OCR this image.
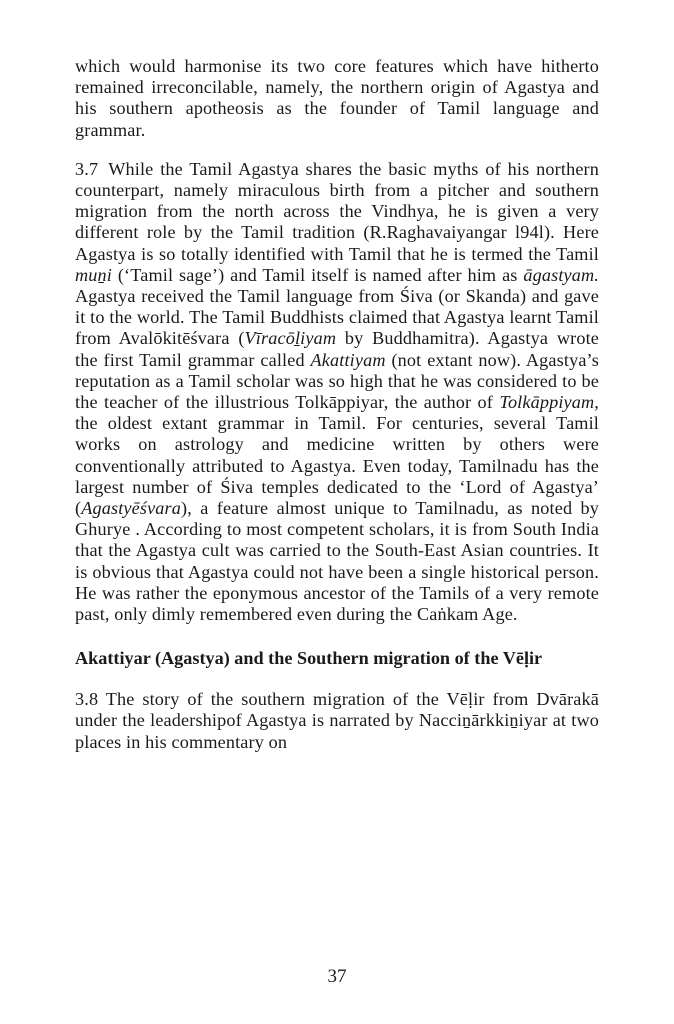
which would harmonise its two core features which have hitherto remained irreconcilable, namely, the northern origin of Agastya and his southern apotheosis as the founder of Tamil language and grammar.

3.7 While the Tamil Agastya shares the basic myths of his northern counterpart, namely miraculous birth from a pitcher and southern migration from the north across the Vindhya, he is given a very different role by the Tamil tradition (R.Raghavaiyangar l94l). Here Agastya is so totally identified with Tamil that he is termed the Tamil muṉi (‘Tamil sage’) and Tamil itself is named after him as āgastyam. Agastya received the Tamil language from Śiva (or Skanda) and gave it to the world. The Tamil Buddhists claimed that Agastya learnt Tamil from Avalōkitēśvara (Vīracōḻiyam by Buddhamitra). Agastya wrote the first Tamil grammar called Akattiyam (not extant now). Agastya’s reputation as a Tamil scholar was so high that he was considered to be the teacher of the illustrious Tolkāppiyar, the author of Tolkāppiyam, the oldest extant grammar in Tamil. For centuries, several Tamil works on astrology and medicine written by others were conventionally attributed to Agastya. Even today, Tamilnadu has the largest number of Śiva temples dedicated to the ‘Lord of Agastya’ (Agastyēśvara), a feature almost unique to Tamilnadu, as noted by Ghurye . According to most competent scholars, it is from South India that the Agastya cult was carried to the South-East Asian countries. It is obvious that Agastya could not have been a single historical person. He was rather the eponymous ancestor of the Tamils of a very remote past, only dimly remembered even during the Caṅkam Age.

Akattiyar (Agastya) and the Southern migration of the Vēḷir

3.8 The story of the southern migration of the Vēḷir from Dvārakā under the leadershipof Agastya is narrated by Nacciṉārkkiṉiyar at two places in his commentary on

37
